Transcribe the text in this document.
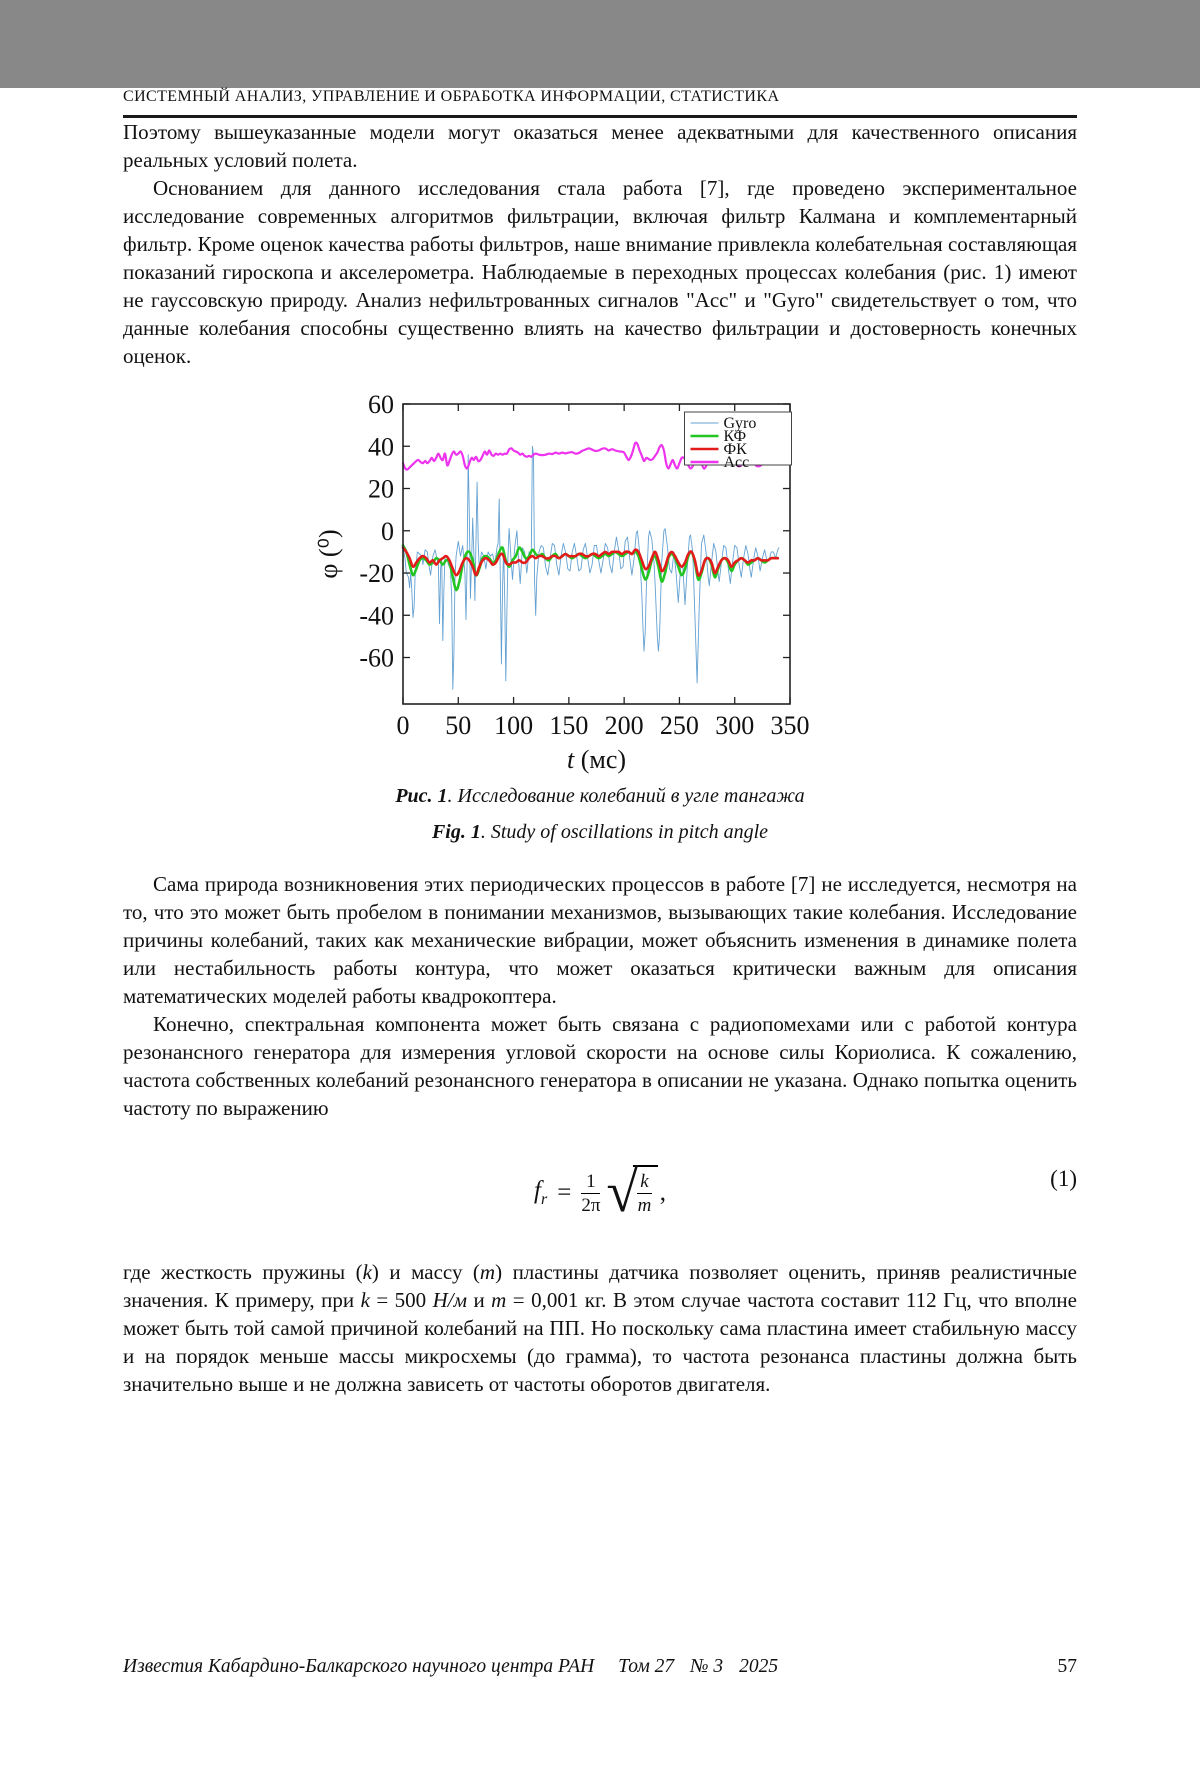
СИСТЕМНЫЙ АНАЛИЗ, УПРАВЛЕНИЕ И ОБРАБОТКА ИНФОРМАЦИИ, СТАТИСТИКА

Поэтому вышеуказанные модели могут оказаться менее адекватными для качественного описания реальных условий полета.

Основанием для данного исследования стала работа [7], где проведено экспериментальное исследование современных алгоритмов фильтрации, включая фильтр Калмана и комплементарный фильтр. Кроме оценок качества работы фильтров, наше внимание привлекла колебательная составляющая показаний гироскопа и акселерометра. Наблюдаемые в переходных процессах колебания (рис. 1) имеют не гауссовскую природу. Анализ нефильтрованных сигналов "Acc" и "Gyro" свидетельствует о том, что данные колебания способны существенно влиять на качество фильтрации и достоверность конечных оценок.

0 50 100 150 200 250 300 350
60
40
20
0
-20
-40
-60
t (мс)
φ (⁰)
Gyro
КФ
ФК
Acc
Рис. 1. Исследование колебаний в угле тангажа
Fig. 1. Study of oscillations in pitch angle

Сама природа возникновения этих периодических процессов в работе [7] не исследуется, несмотря на то, что это может быть пробелом в понимании механизмов, вызывающих такие колебания. Исследование причины колебаний, таких как механические вибрации, может объяснить изменения в динамике полета или нестабильность работы контура, что может оказаться критически важным для описания математических моделей работы квадрокоптера.

Конечно, спектральная компонента может быть связана с радиопомехами или с работой контура резонансного генератора для измерения угловой скорости на основе силы Кориолиса. К сожалению, частота собственных колебаний резонансного генератора в описании не указана. Однако попытка оценить частоту по выражению

$f_r = \frac{1}{2\pi}$ √ $\frac{k}{m}$ ,
(1)

где жесткость пружины (k) и массу (m) пластины датчика позволяет оценить, приняв реалистичные значения. К примеру, при k = 500 Н/м и m = 0,001 кг. В этом случае частота составит 112 Гц, что вполне может быть той самой причиной колебаний на ПП. Но поскольку сама пластина имеет стабильную массу и на порядок меньше массы микросхемы (до грамма), то частота резонанса пластины должна быть значительно выше и не должна зависеть от частоты оборотов двигателя.

Известия Кабардино-Балкарского научного центра РАН Том 27 № 3 2025	57
